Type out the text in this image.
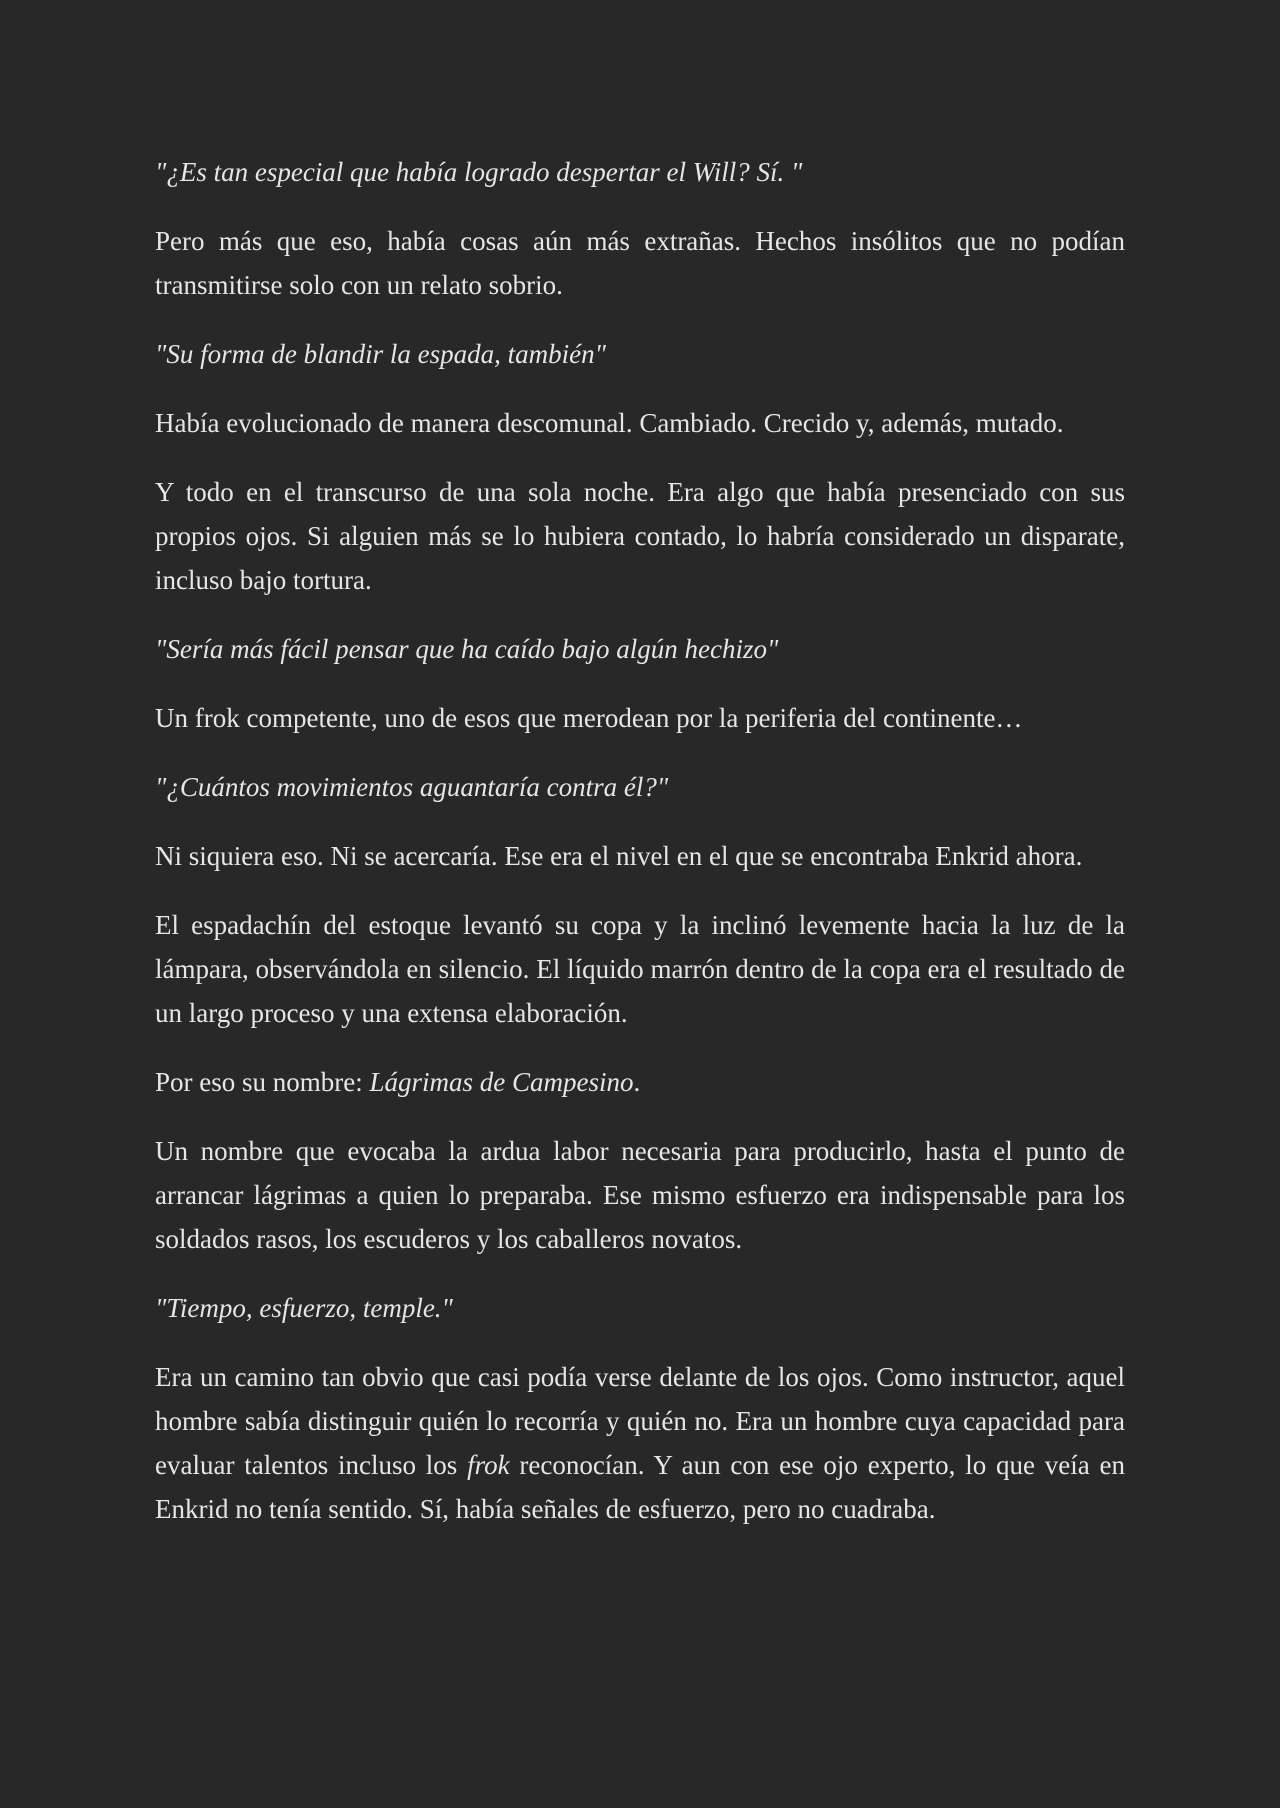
"¿Es tan especial que había logrado despertar el Will? Sí. "

Pero más que eso, había cosas aún más extrañas. Hechos insólitos que no podían transmitirse solo con un relato sobrio.

"Su forma de blandir la espada, también"

Había evolucionado de manera descomunal. Cambiado. Crecido y, además, mutado.

Y todo en el transcurso de una sola noche. Era algo que había presenciado con sus propios ojos. Si alguien más se lo hubiera contado, lo habría considerado un disparate, incluso bajo tortura.

"Sería más fácil pensar que ha caído bajo algún hechizo"

Un frok competente, uno de esos que merodean por la periferia del continente…

"¿Cuántos movimientos aguantaría contra él?"

Ni siquiera eso. Ni se acercaría. Ese era el nivel en el que se encontraba Enkrid ahora.

El espadachín del estoque levantó su copa y la inclinó levemente hacia la luz de la lámpara, observándola en silencio. El líquido marrón dentro de la copa era el resultado de un largo proceso y una extensa elaboración.

Por eso su nombre: Lágrimas de Campesino.

Un nombre que evocaba la ardua labor necesaria para producirlo, hasta el punto de arrancar lágrimas a quien lo preparaba. Ese mismo esfuerzo era indispensable para los soldados rasos, los escuderos y los caballeros novatos.

"Tiempo, esfuerzo, temple."

Era un camino tan obvio que casi podía verse delante de los ojos. Como instructor, aquel hombre sabía distinguir quién lo recorría y quién no. Era un hombre cuya capacidad para evaluar talentos incluso los frok reconocían. Y aun con ese ojo experto, lo que veía en Enkrid no tenía sentido. Sí, había señales de esfuerzo, pero no cuadraba.
